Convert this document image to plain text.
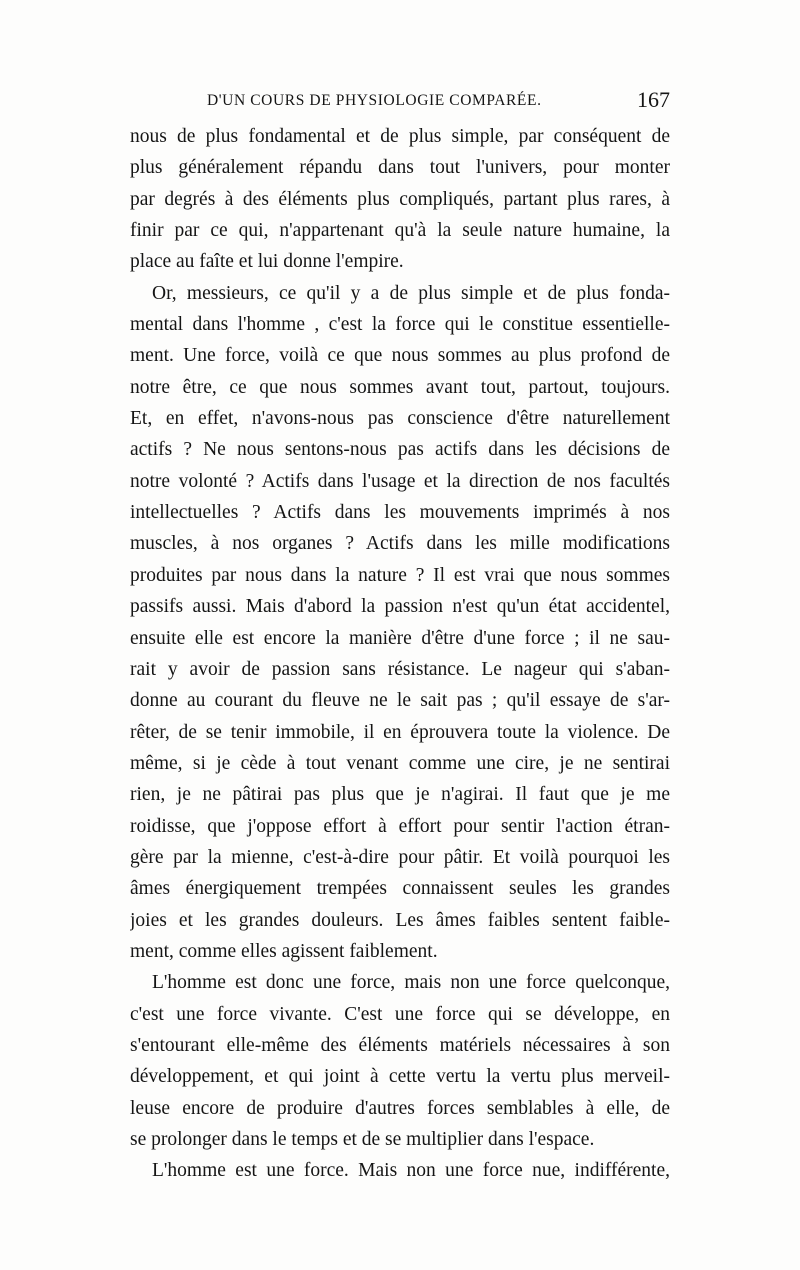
D'UN COURS DE PHYSIOLOGIE COMPARÉE.	167
nous de plus fondamental et de plus simple, par conséquent de
plus généralement répandu dans tout l'univers, pour monter
par degrés à des éléments plus compliqués, partant plus rares, à
finir par ce qui, n'appartenant qu'à la seule nature humaine, la
place au faîte et lui donne l'empire.
Or, messieurs, ce qu'il y a de plus simple et de plus fonda-
mental dans l'homme , c'est la force qui le constitue essentielle-
ment. Une force, voilà ce que nous sommes au plus profond de
notre être, ce que nous sommes avant tout, partout, toujours.
Et, en effet, n'avons-nous pas conscience d'être naturellement
actifs ? Ne nous sentons-nous pas actifs dans les décisions de
notre volonté ? Actifs dans l'usage et la direction de nos facultés
intellectuelles ? Actifs dans les mouvements imprimés à nos
muscles, à nos organes ? Actifs dans les mille modifications
produites par nous dans la nature ? Il est vrai que nous sommes
passifs aussi. Mais d'abord la passion n'est qu'un état accidentel,
ensuite elle est encore la manière d'être d'une force ; il ne sau-
rait y avoir de passion sans résistance. Le nageur qui s'aban-
donne au courant du fleuve ne le sait pas ; qu'il essaye de s'ar-
rêter, de se tenir immobile, il en éprouvera toute la violence. De
même, si je cède à tout venant comme une cire, je ne sentirai
rien, je ne pâtirai pas plus que je n'agirai. Il faut que je me
roidisse, que j'oppose effort à effort pour sentir l'action étran-
gère par la mienne, c'est-à-dire pour pâtir. Et voilà pourquoi les
âmes énergiquement trempées connaissent seules les grandes
joies et les grandes douleurs. Les âmes faibles sentent faible-
ment, comme elles agissent faiblement.
L'homme est donc une force, mais non une force quelconque,
c'est une force vivante. C'est une force qui se développe, en
s'entourant elle-même des éléments matériels nécessaires à son
développement, et qui joint à cette vertu la vertu plus merveil-
leuse encore de produire d'autres forces semblables à elle, de
se prolonger dans le temps et de se multiplier dans l'espace.
L'homme est une force. Mais non une force nue, indifférente,
